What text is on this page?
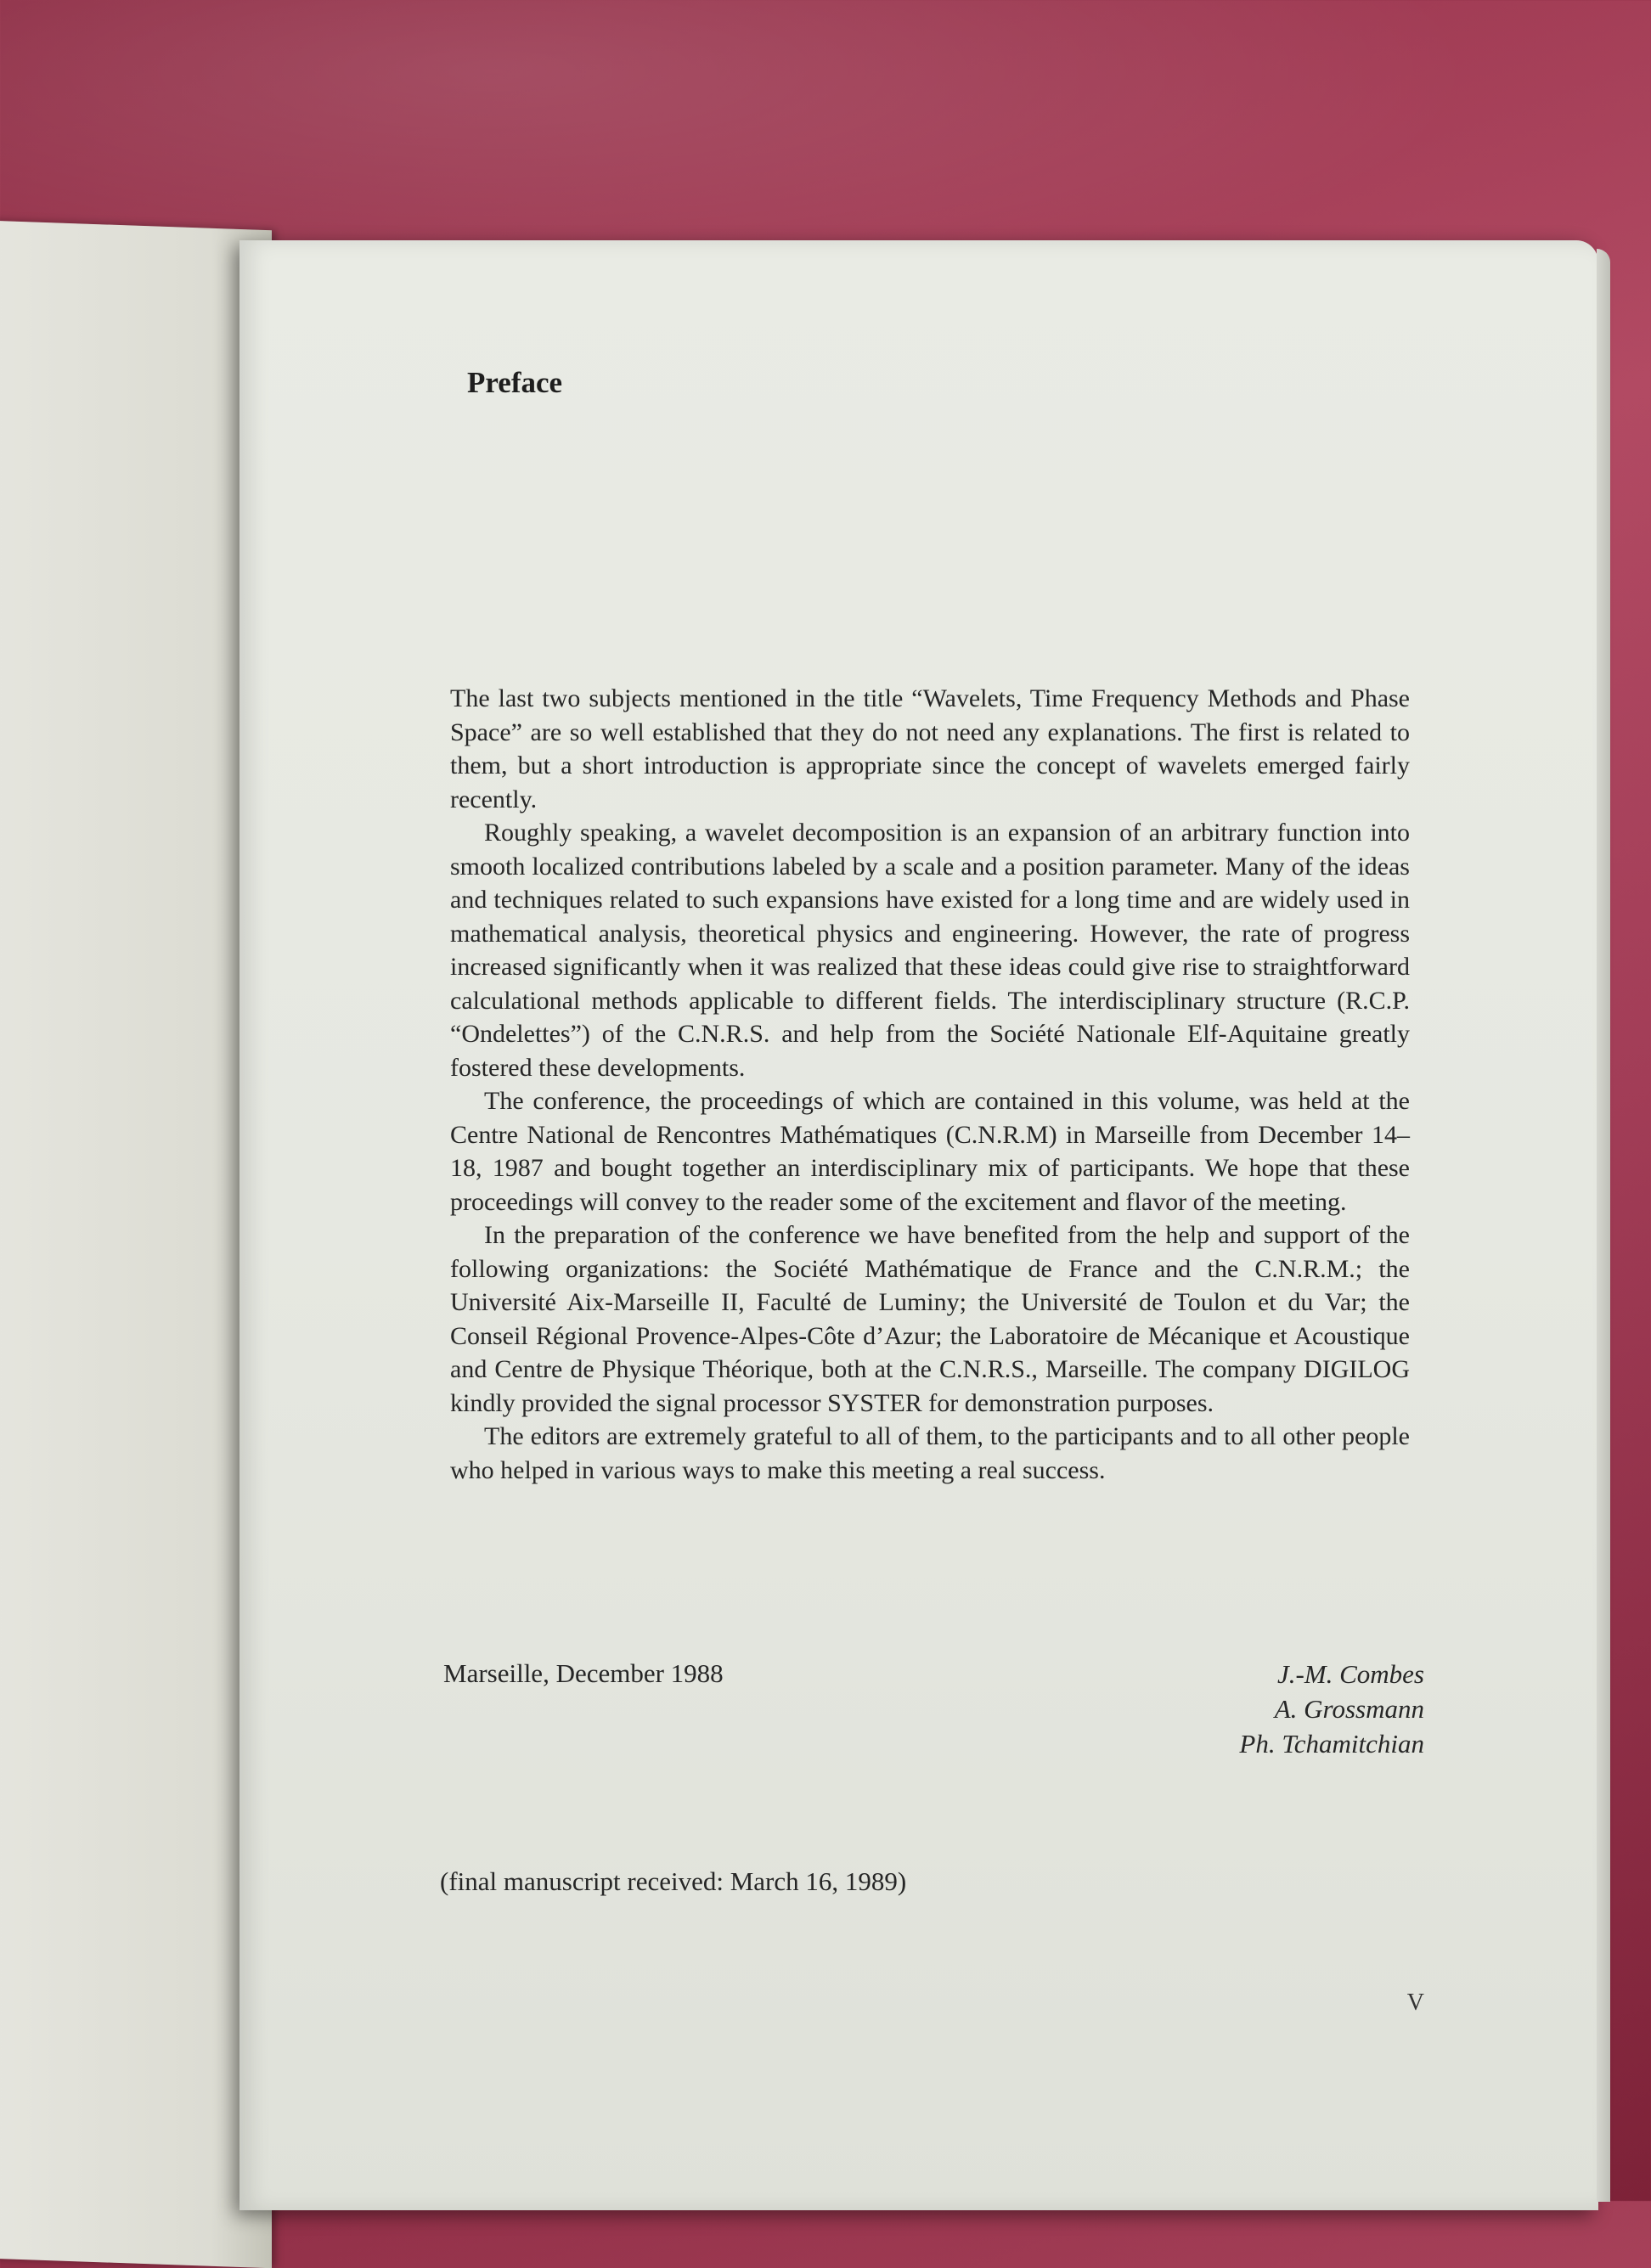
Preface

The last two subjects mentioned in the title “Wavelets, Time Frequency Methods and Phase Space” are so well established that they do not need any explanations. The first is related to them, but a short introduction is appropriate since the concept of wavelets emerged fairly recently.

Roughly speaking, a wavelet decomposition is an expansion of an arbitrary function into smooth localized contributions labeled by a scale and a position parameter. Many of the ideas and techniques related to such expansions have existed for a long time and are widely used in mathematical analysis, theoretical physics and engineering. However, the rate of progress increased significantly when it was realized that these ideas could give rise to straightforward calculational methods applicable to different fields. The interdisciplinary structure (R.C.P. “Ondelettes”) of the C.N.R.S. and help from the Société Nationale Elf-Aquitaine greatly fostered these developments.

The conference, the proceedings of which are contained in this volume, was held at the Centre National de Rencontres Mathématiques (C.N.R.M) in Marseille from December 14–18, 1987 and bought together an interdisciplinary mix of participants. We hope that these proceedings will convey to the reader some of the excitement and flavor of the meeting.

In the preparation of the conference we have benefited from the help and support of the following organizations: the Société Mathématique de France and the C.N.R.M.; the Université Aix-Marseille II, Faculté de Luminy; the Université de Toulon et du Var; the Conseil Régional Provence-Alpes-Côte d’Azur; the Laboratoire de Mécanique et Acoustique and Centre de Physique Théorique, both at the C.N.R.S., Marseille. The company DIGILOG kindly provided the signal processor SYSTER for demonstration purposes.

The editors are extremely grateful to all of them, to the participants and to all other people who helped in various ways to make this meeting a real success.

Marseille, December 1988	J.-M. Combes
A. Grossmann
Ph. Tchamitchian
(final manuscript received: March 16, 1989)
V
